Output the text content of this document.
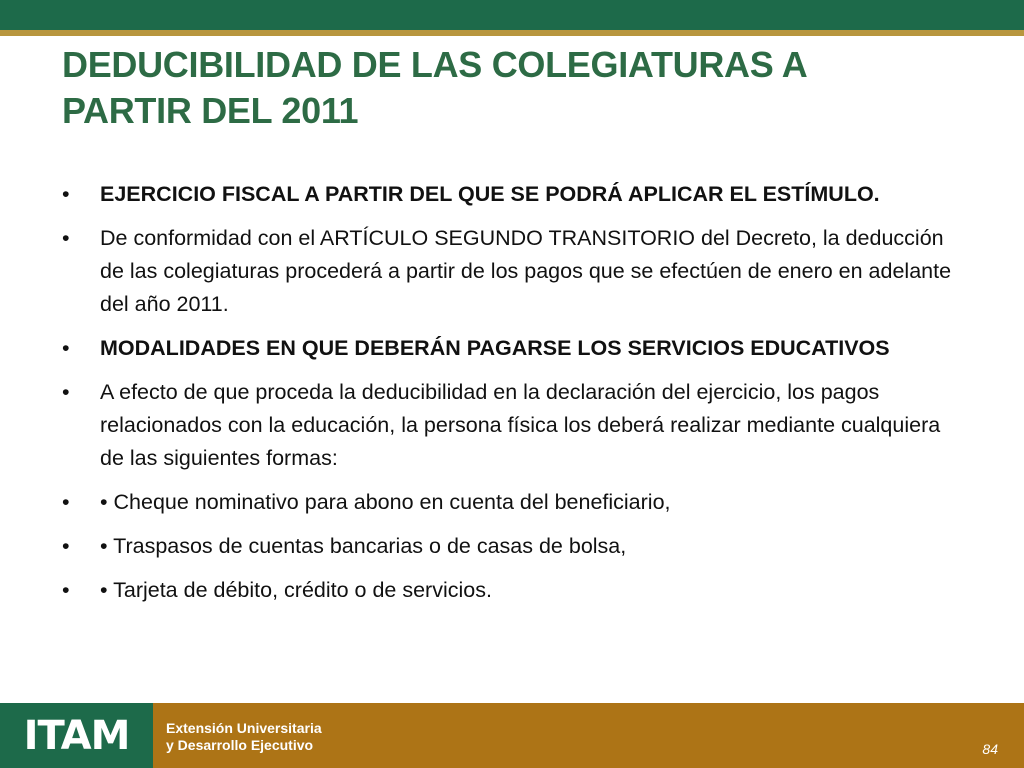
DEDUCIBILIDAD DE LAS COLEGIATURAS A
PARTIR DEL 2011
• EJERCICIO FISCAL A PARTIR DEL QUE SE PODRÁ APLICAR EL ESTÍMULO.
• De conformidad con el ARTÍCULO SEGUNDO TRANSITORIO del Decreto, la deducción de las colegiaturas procederá a partir de los pagos que se efectúen de enero en adelante del año 2011.
• MODALIDADES EN QUE DEBERÁN PAGARSE LOS SERVICIOS EDUCATIVOS
• A efecto de que proceda la deducibilidad en la declaración del ejercicio, los pagos relacionados con la educación, la persona física los deberá realizar mediante cualquiera de las siguientes formas:
• • Cheque nominativo para abono en cuenta del beneficiario,
• • Traspasos de cuentas bancarias o de casas de bolsa,
• • Tarjeta de débito, crédito o de servicios.
ITAM	Extensión Universitaria
y Desarrollo Ejecutivo	84
